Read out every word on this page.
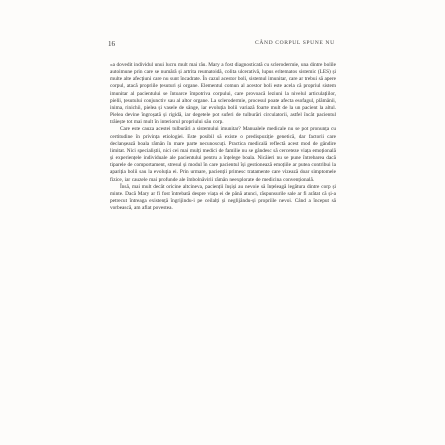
16	CÂND CORPUL SPUNE NU

«a dovedit individul unui lucru mult mai rău. Mary a fost diagnosticată cu sclerodermie, una dintre bolile autoimune prin care se numără și artrita reumatoidă, colita ulcerativă, lupus eritematos sistemic (LES) și multe alte afecțiuni care nu sunt încadrate. În cazul acestor boli, sistemul imunitar, care ar trebui să apere corpul, atacă propriile țesuturi și organe. Elementul comun al acestor boli este acela că propriul sistem imunitar al pacientului se întoarce împotriva corpului, care provoacă leziuni la nivelul articulațiilor, pielii, țesutului conjunctiv sau al altor organe. La sclerodermie, procesul poate afecta esofagul, plămânii, inima, rinichii, pielea și vasele de sânge, iar evoluția bolii variază foarte mult de la un pacient la altul. Pielea devine îngroșată și rigidă, iar degetele pot suferi de tulburări circulatorii, astfel încât pacientul trăiește tot mai mult în interiorul propriului său corp.

Care este cauza acestei tulburări a sistemului imunitar? Manualele medicale nu se pot pronunța cu certitudine în privința etiologiei. Este posibil să existe o predispoziție genetică, dar factorii care declanșează boala rămân în mare parte necunoscuți. Practica medicală reflectă acest mod de gândire limitat. Nici specialiștii, nici cei mai mulți medici de familie nu se gândesc să cerceteze viața emoțională și experiențele individuale ale pacientului pentru a înțelege boala. Nicăieri nu se pune întrebarea dacă tiparele de comportament, stresul și modul în care pacientul își gestionează emoțiile ar putea contribui la apariția bolii sau la evoluția ei. Prin urmare, pacienții primesc tratamente care vizează doar simptomele fizice, iar cauzele mai profunde ale îmbolnăvirii rămân neexplorate de medicina convențională.

Însă, mai mult decât oricine altcineva, pacienții înșiși au nevoie să înțeleagă legătura dintre corp și minte. Dacă Mary ar fi fost întrebată despre viața ei de până atunci, răspunsurile sale ar fi arătat că și-a petrecut întreaga existență îngrijindu-i pe ceilalți și neglijându-și propriile nevoi. Când a început să vorbească, am aflat povestea.
